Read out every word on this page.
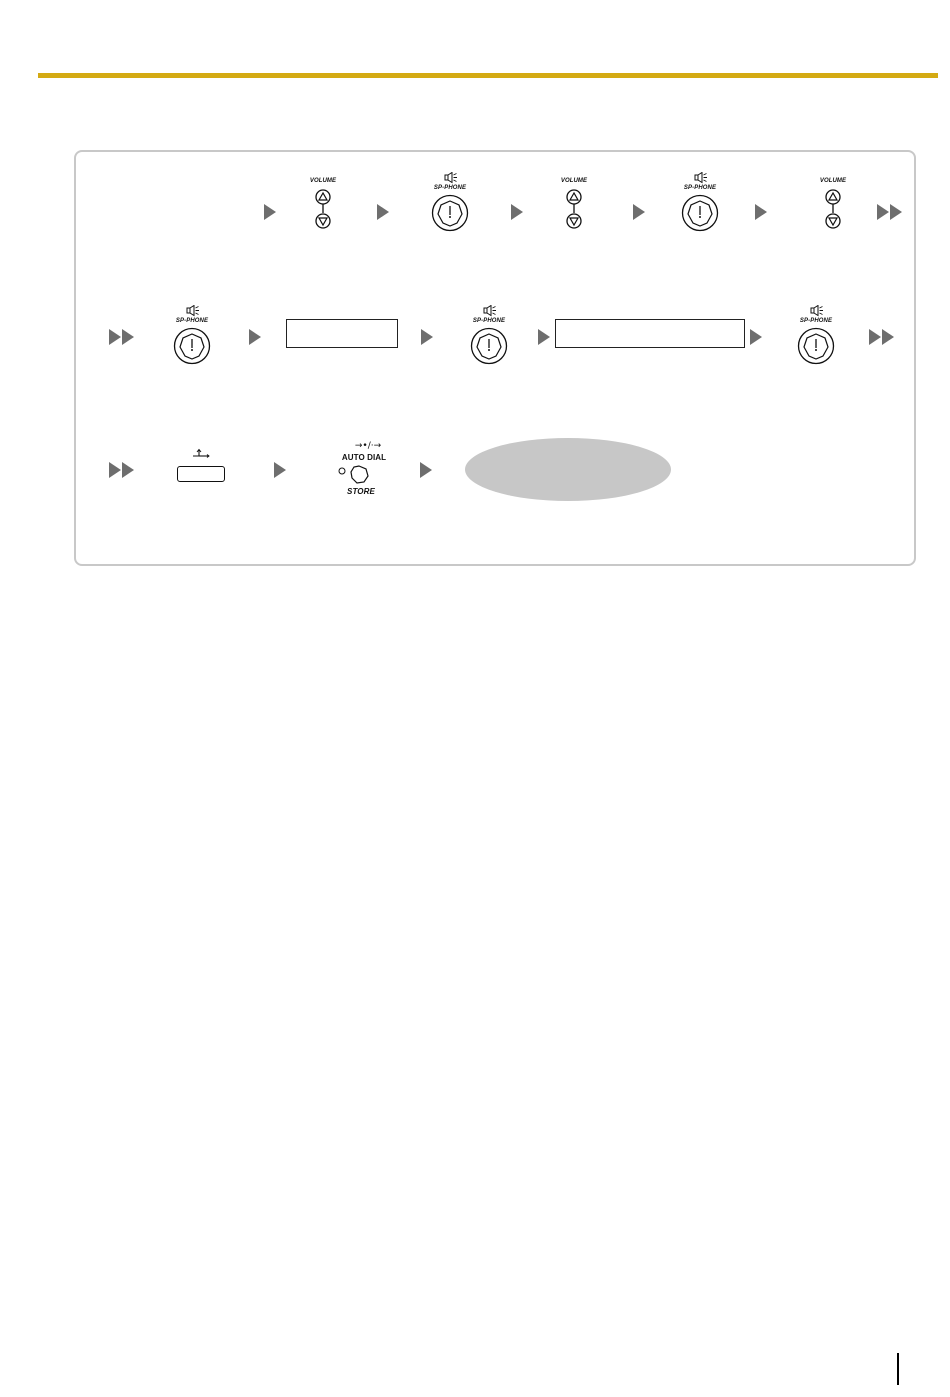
VOLUME
SP-PHONE
VOLUME
SP-PHONE
VOLUME
SP-PHONE	SP-PHONE	SP-PHONE
→•/·→
AUTO DIAL
STORE
